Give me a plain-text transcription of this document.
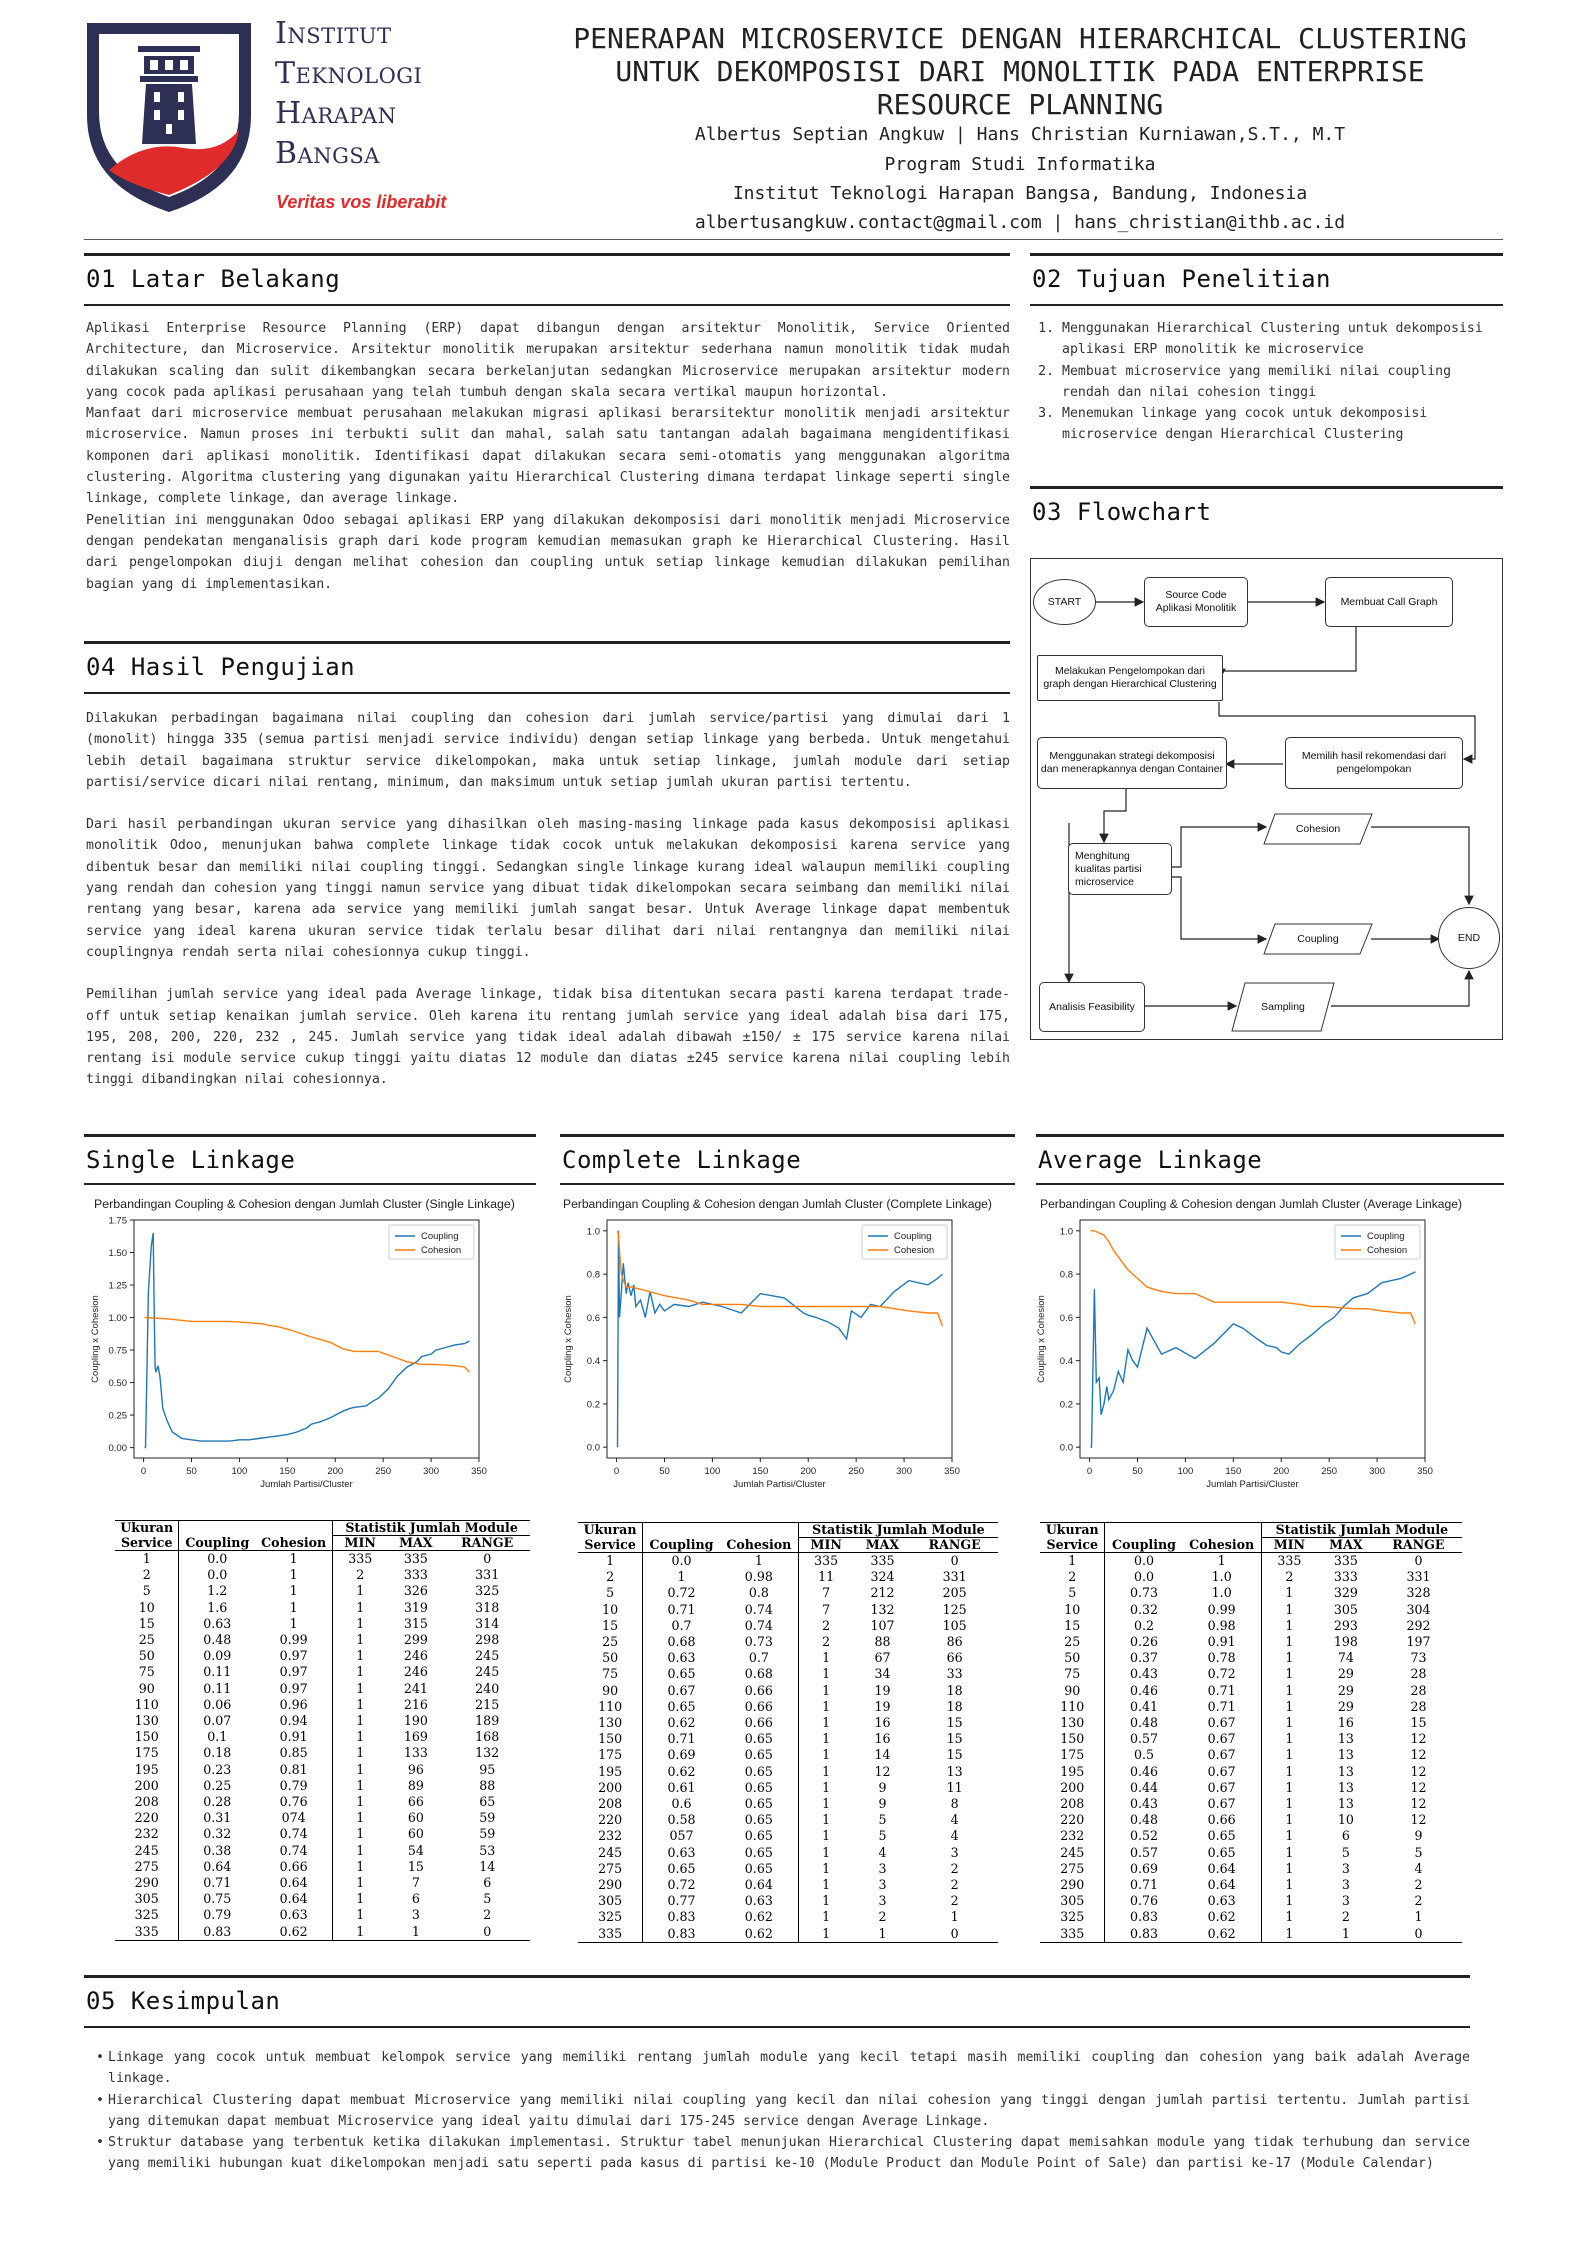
Institut
Teknologi
Harapan
Bangsa
Veritas vos liberabit
PENERAPAN MICROSERVICE DENGAN HIERARCHICAL CLUSTERING
UNTUK DEKOMPOSISI DARI MONOLITIK PADA ENTERPRISE
RESOURCE PLANNING
Albertus Septian Angkuw | Hans Christian Kurniawan,S.T., M.T
Program Studi Informatika
Institut Teknologi Harapan Bangsa, Bandung, Indonesia
albertusangkuw.contact@gmail.com | hans_christian@ithb.ac.id
01 Latar Belakang

Aplikasi Enterprise Resource Planning (ERP) dapat dibangun dengan arsitektur Monolitik, Service Oriented Architecture, dan Microservice. Arsitektur monolitik merupakan arsitektur sederhana namun monolitik tidak mudah dilakukan scaling dan sulit dikembangkan secara berkelanjutan sedangkan Microservice merupakan arsitektur modern yang cocok pada aplikasi perusahaan yang telah tumbuh dengan skala secara vertikal maupun horizontal.

Manfaat dari microservice membuat perusahaan melakukan migrasi aplikasi berarsitektur monolitik menjadi arsitektur microservice. Namun proses ini terbukti sulit dan mahal, salah satu tantangan adalah bagaimana mengidentifikasi komponen dari aplikasi monolitik. Identifikasi dapat dilakukan secara semi-otomatis yang menggunakan algoritma clustering. Algoritma clustering yang digunakan yaitu Hierarchical Clustering dimana terdapat linkage seperti single linkage, complete linkage, dan average linkage.

Penelitian ini menggunakan Odoo sebagai aplikasi ERP yang dilakukan dekomposisi dari monolitik menjadi Microservice dengan pendekatan menganalisis graph dari kode program kemudian memasukan graph ke Hierarchical Clustering. Hasil dari pengelompokan diuji dengan melihat cohesion dan coupling untuk setiap linkage kemudian dilakukan pemilihan bagian yang di implementasikan.

02 Tujuan Penelitian
1. Menggunakan Hierarchical Clustering untuk dekomposisi aplikasi ERP monolitik ke microservice
2. Membuat microservice yang memiliki nilai coupling rendah dan nilai cohesion tinggi
3. Menemukan linkage yang cocok untuk dekomposisi microservice dengan Hierarchical Clustering
03 Flowchart
START
Source Code Aplikasi Monolitik
Membuat Call Graph
Melakukan Pengelompokan dari graph dengan Hierarchical Clustering
Memilih hasil rekomendasi dari pengelompokan
Menggunakan strategi dekomposisi dan menerapkannya dengan Container
Menghitung kualitas partisi microservice
Cohesion
Coupling	END
Analisis Feasibility	Sampling
04 Hasil Pengujian

Dilakukan perbadingan bagaimana nilai coupling dan cohesion dari jumlah service/partisi yang dimulai dari 1 (monolit) hingga 335 (semua partisi menjadi service individu) dengan setiap linkage yang berbeda. Untuk mengetahui lebih detail bagaimana struktur service dikelompokan, maka untuk setiap linkage, jumlah module dari setiap partisi/service dicari nilai rentang, minimum, dan maksimum untuk setiap jumlah ukuran partisi tertentu.

Dari hasil perbandingan ukuran service yang dihasilkan oleh masing-masing linkage pada kasus dekomposisi aplikasi monolitik Odoo, menunjukan bahwa complete linkage tidak cocok untuk melakukan dekomposisi karena service yang dibentuk besar dan memiliki nilai coupling tinggi. Sedangkan single linkage kurang ideal walaupun memiliki coupling yang rendah dan cohesion yang tinggi namun service yang dibuat tidak dikelompokan secara seimbang dan memiliki nilai rentang yang besar, karena ada service yang memiliki jumlah sangat besar. Untuk Average linkage dapat membentuk service yang ideal karena ukuran service tidak terlalu besar dilihat dari nilai rentangnya dan memiliki nilai couplingnya rendah serta nilai cohesionnya cukup tinggi.

Pemilihan jumlah service yang ideal pada Average linkage, tidak bisa ditentukan secara pasti karena terdapat trade-off untuk setiap kenaikan jumlah service. Oleh karena itu rentang jumlah service yang ideal adalah bisa dari 175, 195, 208, 200, 220, 232 , 245. Jumlah service yang tidak ideal adalah dibawah ±150/ ± 175 service karena nilai rentang isi module service cukup tinggi yaitu diatas 12 module dan diatas ±245 service karena nilai coupling lebih tinggi dibandingkan nilai cohesionnya.

Single Linkage	Complete Linkage	Average Linkage
Perbandingan Coupling & Cohesion dengan Jumlah Cluster (Single Linkage)	Perbandingan Coupling & Cohesion dengan Jumlah Cluster (Complete Linkage)	Perbandingan Coupling & Cohesion dengan Jumlah Cluster (Average Linkage)
0	50	100	150	200	250	300	350
0.00
0.25
0.50
0.75
1.00
1.25
1.50
1.75
Jumlah Partisi/Cluster
Coupling x Cohesion
Coupling
Cohesion
0	50	100	150	200	250	300	350
0.0
0.2
0.4
0.6
0.8
1.0
Jumlah Partisi/Cluster
Coupling x Cohesion
Coupling
Cohesion
0	50	100	150	200	250	300	350
0.0
0.2
0.4
0.6
0.8
1.0
Jumlah Partisi/Cluster
Coupling x Cohesion
Coupling
Cohesion
Ukuran			Statistik Jumlah Module		
Service	Coupling	Cohesion	MIN	MAX	RANGE
1	0.0	1	335	335	0
2	0.0	1	2	333	331
5	1.2	1	1	326	325
10	1.6	1	1	319	318
15	0.63	1	1	315	314
25	0.48	0.99	1	299	298
50	0.09	0.97	1	246	245
75	0.11	0.97	1	246	245
90	0.11	0.97	1	241	240
110	0.06	0.96	1	216	215
130	0.07	0.94	1	190	189
150	0.1	0.91	1	169	168
175	0.18	0.85	1	133	132
195	0.23	0.81	1	96	95
200	0.25	0.79	1	89	88
208	0.28	0.76	1	66	65
220	0.31	074	1	60	59
232	0.32	0.74	1	60	59
245	0.38	0.74	1	54	53
275	0.64	0.66	1	15	14
290	0.71	0.64	1	7	6
305	0.75	0.64	1	6	5
325	0.79	0.63	1	3	2
335	0.83	0.62	1	1	0
Ukuran			Statistik Jumlah Module		
Service	Coupling	Cohesion	MIN	MAX	RANGE
1	0.0	1	335	335	0
2	1	0.98	11	324	331
5	0.72	0.8	7	212	205
10	0.71	0.74	7	132	125
15	0.7	0.74	2	107	105
25	0.68	0.73	2	88	86
50	0.63	0.7	1	67	66
75	0.65	0.68	1	34	33
90	0.67	0.66	1	19	18
110	0.65	0.66	1	19	18
130	0.62	0.66	1	16	15
150	0.71	0.65	1	16	15
175	0.69	0.65	1	14	15
195	0.62	0.65	1	12	13
200	0.61	0.65	1	9	11
208	0.6	0.65	1	9	8
220	0.58	0.65	1	5	4
232	057	0.65	1	5	4
245	0.63	0.65	1	4	3
275	0.65	0.65	1	3	2
290	0.72	0.64	1	3	2
305	0.77	0.63	1	3	2
325	0.83	0.62	1	2	1
335	0.83	0.62	1	1	0
Ukuran			Statistik Jumlah Module		
Service	Coupling	Cohesion	MIN	MAX	RANGE
1	0.0	1	335	335	0
2	0.0	1.0	2	333	331
5	0.73	1.0	1	329	328
10	0.32	0.99	1	305	304
15	0.2	0.98	1	293	292
25	0.26	0.91	1	198	197
50	0.37	0.78	1	74	73
75	0.43	0.72	1	29	28
90	0.46	0.71	1	29	28
110	0.41	0.71	1	29	28
130	0.48	0.67	1	16	15
150	0.57	0.67	1	13	12
175	0.5	0.67	1	13	12
195	0.46	0.67	1	13	12
200	0.44	0.67	1	13	12
208	0.43	0.67	1	13	12
220	0.48	0.66	1	10	12
232	0.52	0.65	1	6	9
245	0.57	0.65	1	5	5
275	0.69	0.64	1	3	4
290	0.71	0.64	1	3	2
305	0.76	0.63	1	3	2
325	0.83	0.62	1	2	1
335	0.83	0.62	1	1	0
05 Kesimpulan
• Linkage yang cocok untuk membuat kelompok service yang memiliki rentang jumlah module yang kecil tetapi masih memiliki coupling dan cohesion yang baik adalah Average linkage.
• Hierarchical Clustering dapat membuat Microservice yang memiliki nilai coupling yang kecil dan nilai cohesion yang tinggi dengan jumlah partisi tertentu. Jumlah partisi yang ditemukan dapat membuat Microservice yang ideal yaitu dimulai dari 175-245 service dengan Average Linkage.
• Struktur database yang terbentuk ketika dilakukan implementasi. Struktur tabel menunjukan Hierarchical Clustering dapat memisahkan module yang tidak terhubung dan service yang memiliki hubungan kuat dikelompokan menjadi satu seperti pada kasus di partisi ke-10 (Module Product dan Module Point of Sale) dan partisi ke-17 (Module Calendar)
